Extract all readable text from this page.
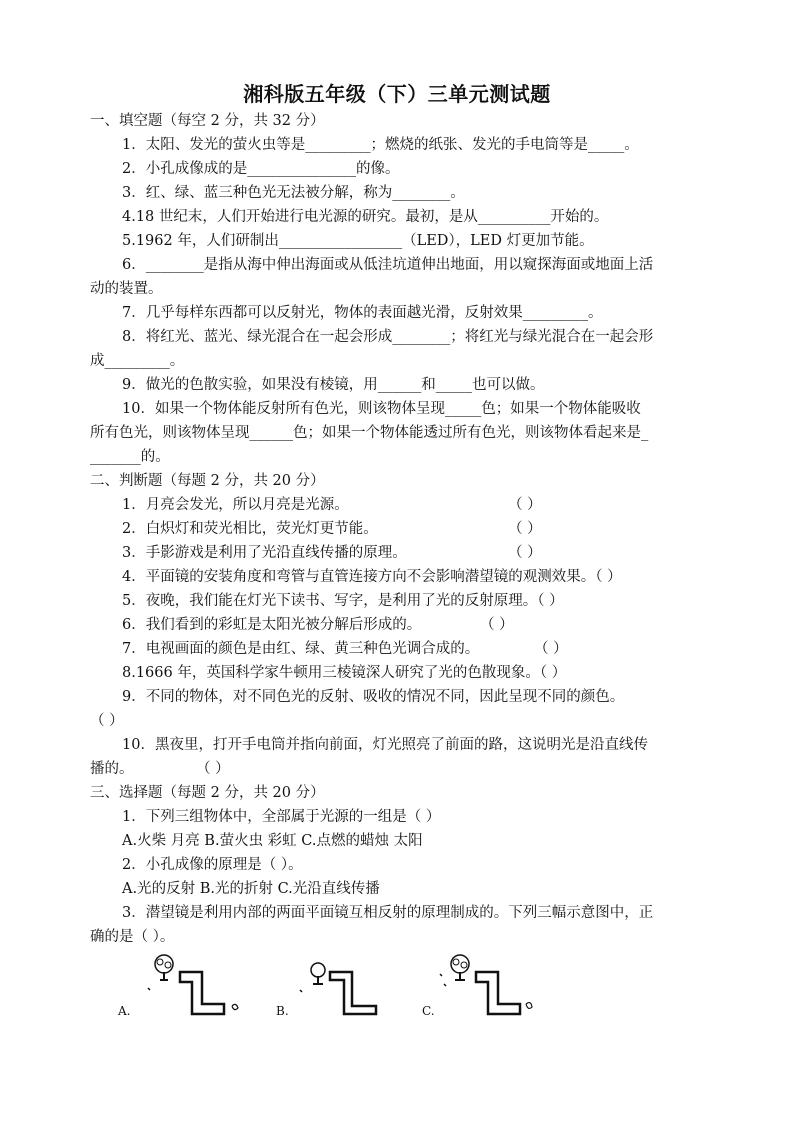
湘科版五年级（下）三单元测试题
一、填空题（每空 2 分，共 32 分）
1．太阳、发光的萤火虫等是_________；燃烧的纸张、发光的手电筒等是_____。
2．小孔成像成的是_______________的像。
3．红、绿、蓝三种色光无法被分解，称为________。
4.18 世纪末，人们开始进行电光源的研究。最初，是从__________开始的。
5.1962 年，人们研制出_________________（LED），LED 灯更加节能。
6．________是指从海中伸出海面或从低洼坑道伸出地面，用以窥探海面或地面上活
动的装置。
7．几乎每样东西都可以反射光，物体的表面越光滑，反射效果_________。
8．将红光、蓝光、绿光混合在一起会形成________；将红光与绿光混合在一起会形
成_________。
9．做光的色散实验，如果没有棱镜，用______和_____也可以做。
10．如果一个物体能反射所有色光，则该物体呈现_____色；如果一个物体能吸收
所有色光，则该物体呈现______色；如果一个物体能透过所有色光，则该物体看起来是_
_______的。
二、判断题（每题 2 分，共 20 分）
1．月亮会发光，所以月亮是光源。	（ ）
2．白炽灯和荧光相比，荧光灯更节能。	（ ）
3．手影游戏是利用了光沿直线传播的原理。	（ ）
4．平面镜的安装角度和弯管与直管连接方向不会影响潜望镜的观测效果。（ ）
5．夜晚，我们能在灯光下读书、写字，是利用了光的反射原理。（ ）
6．我们看到的彩虹是太阳光被分解后形成的。	（ ）
7．电视画面的颜色是由红、绿、黄三种色光调合成的。	（ ）
8.1666 年，英国科学家牛顿用三棱镜深人研究了光的色散现象。（ ）
9．不同的物体，对不同色光的反射、吸收的情况不同，因此呈现不同的颜色。
（ ）
10．黑夜里，打开手电筒并指向前面，灯光照亮了前面的路，这说明光是沿直线传
播的。	（ ）
三、选择题（每题 2 分，共 20 分）
1．下列三组物体中，全部属于光源的一组是（ ）
A.火柴 月亮 B.萤火虫 彩虹 C.点燃的蜡烛 太阳
2．小孔成像的原理是（ ）。
A.光的反射 B.光的折射 C.光沿直线传播
3．潜望镜是利用内部的两面平面镜互相反射的原理制成的。下列三幅示意图中，正
确的是（ ）。
A.	B.	C.
